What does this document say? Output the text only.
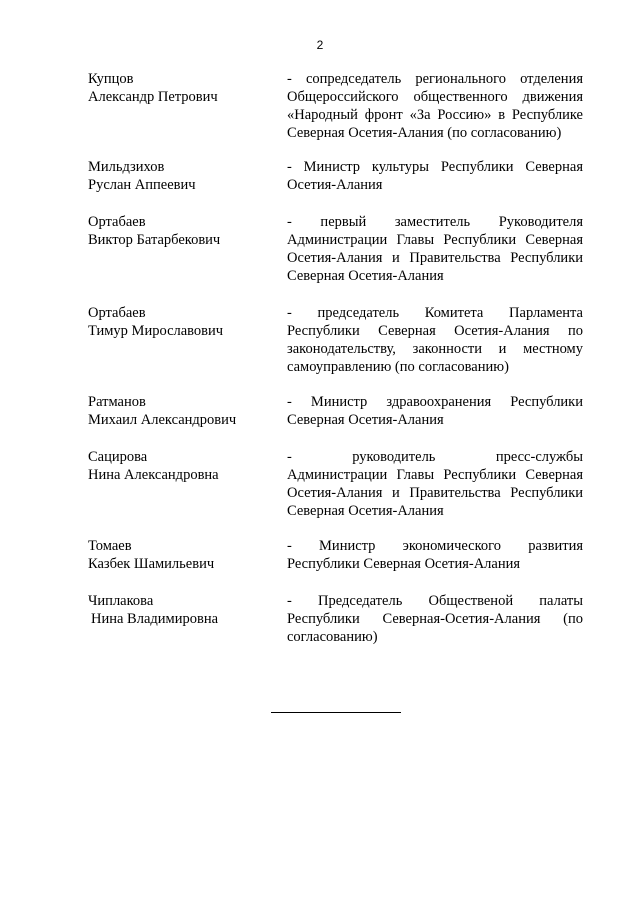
2
Купцов
Александр Петрович
- сопредседатель регионального отделения
Общероссийского общественного движения
«Народный фронт «За Россию» в Республике
Северная Осетия-Алания (по согласованию)
Мильдзихов
Руслан Аппеевич
- Министр культуры Республики Северная
Осетия-Алания
Ортабаев
Виктор Батарбекович
- первый заместитель Руководителя
Администрации Главы Республики Северная
Осетия-Алания и Правительства Республики
Северная Осетия-Алания
Ортабаев
Тимур Мирославович
- председатель Комитета Парламента
Республики Северная Осетия-Алания по
законодательству, законности и местному
самоуправлению (по согласованию)
Ратманов
Михаил Александрович
- Министр здравоохранения Республики
Северная Осетия-Алания
Сацирова
Нина Александровна
- руководитель пресс-службы
Администрации Главы Республики Северная
Осетия-Алания и Правительства Республики
Северная Осетия-Алания
Томаев
Казбек Шамильевич
- Министр экономического развития
Республики Северная Осетия-Алания
Чиплакова
Нина Владимировна
- Председатель Общественой палаты
Республики Северная-Осетия-Алания (по
согласованию)
